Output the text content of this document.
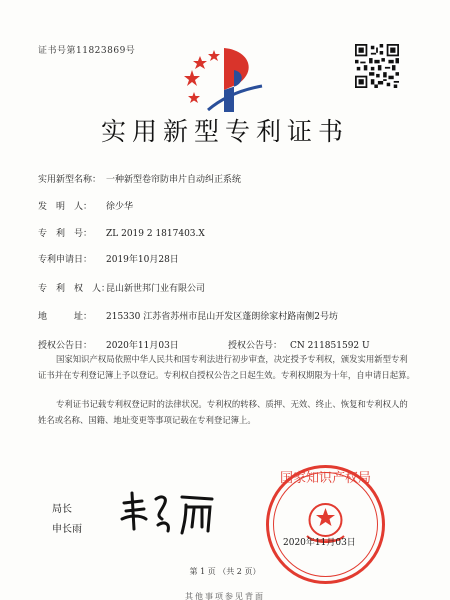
证书号第11823869号
实用新型专利证书
实用新型名称： 一种新型卷帘防串片自动纠正系统
发　明　人： 徐少华
专　利　号： ZL 2019 2 1817403.X
专利申请日： 2019年10月28日
专　利　权　人：昆山新世邦门业有限公司
地　　　址： 215330 江苏省苏州市昆山开发区蓬朗徐家村路南侧2号坊
授权公告日： 2020年11月03日	授权公告号： CN 211851592 U
国家知识产权局依照中华人民共和国专利法进行初步审查，决定授予专利权，颁发实用新型专利证书并在专利登记簿上予以登记。专利权自授权公告之日起生效。专利权期限为十年，自申请日起算。
专利证书记载专利权登记时的法律状况。专利权的转移、质押、无效、终止、恢复和专利权人的姓名或名称、国籍、地址变更等事项记载在专利登记簿上。
局长
申长雨
国家知识产权局
2020年11月03日
第 1 页 （共 2 页）
其他事项参见背面
